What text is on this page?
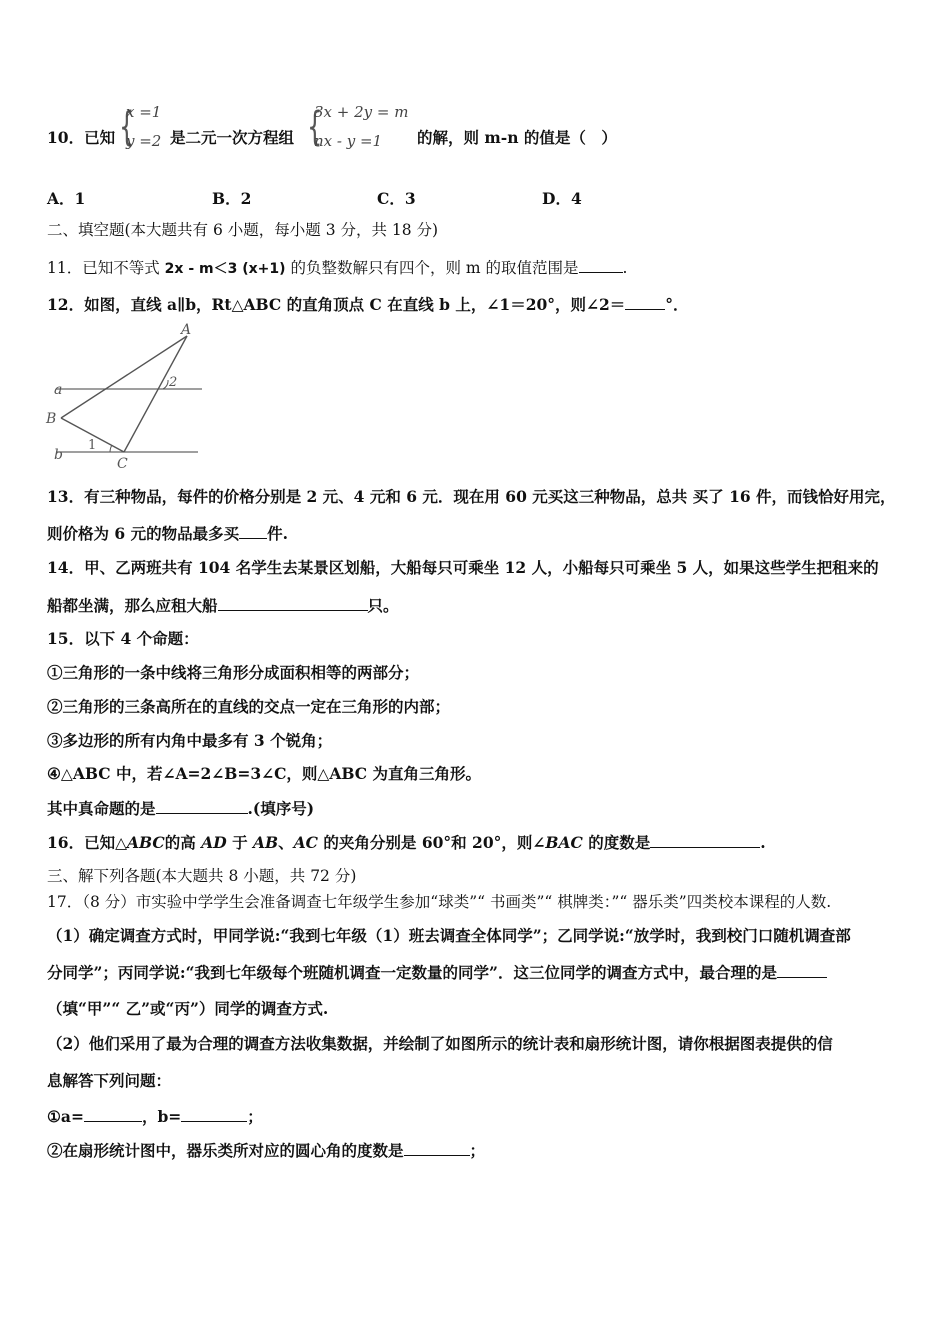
10．已知 {
x =1
y =2 是二元一次方程组 {
3x + 2y = m
nx - y =1 的解，则 m-n 的值是（　）
A．1	B．2	C．3	D．4
二、填空题(本大题共有 6 小题，每小题 3 分，共 18 分)
11．已知不等式 2x - m＜3 (x+1) 的负整数解只有四个，则 m 的取值范围是	.
12．如图，直线 a∥b，Rt△ABC 的直角顶点 C 在直线 b 上，∠1＝20°，则∠2＝	°．
A
a	2
B
1
b
C
13．有三种物品，每件的价格分别是 2 元、4 元和 6 元．现在用 60 元买这三种物品，总共 买了 16 件，而钱恰好用完，
则价格为 6 元的物品最多买 件.
14．甲、乙两班共有 104 名学生去某景区划船，大船每只可乘坐 12 人，小船每只可乘坐 5 人，如果这些学生把租来的
船都坐满，那么应租大船	只。
15．以下 4 个命题：
①三角形的一条中线将三角形分成面积相等的两部分；
②三角形的三条高所在的直线的交点一定在三角形的内部；
③多边形的所有内角中最多有 3 个锐角；
④△ABC 中，若∠A=2∠B=3∠C，则△ABC 为直角三角形。
其中真命题的是	.(填序号)
16．已知△ABC的高 AD 于 AB、AC 的夹角分别是 60°和 20°，则∠BAC 的度数是	.
三、解下列各题(本大题共 8 小题，共 72 分)
17．（8 分）市实验中学学生会准备调查七年级学生参加“球类”“ 书画类”“ 棋牌类：”“ 器乐类”四类校本课程的人数.
（1）确定调查方式时，甲同学说:“我到七年级（1）班去调查全体同学”；乙同学说:“放学时，我到校门口随机调查部
分同学”；丙同学说:“我到七年级每个班随机调查一定数量的同学”．这三位同学的调查方式中，最合理的是
（填“甲”“ 乙”或“丙”）同学的调查方式.
（2）他们采用了最为合理的调查方法收集数据，并绘制了如图所示的统计表和扇形统计图，请你根据图表提供的信
息解答下列问题：
①a=	，b=	；
②在扇形统计图中，器乐类所对应的圆心角的度数是	；
